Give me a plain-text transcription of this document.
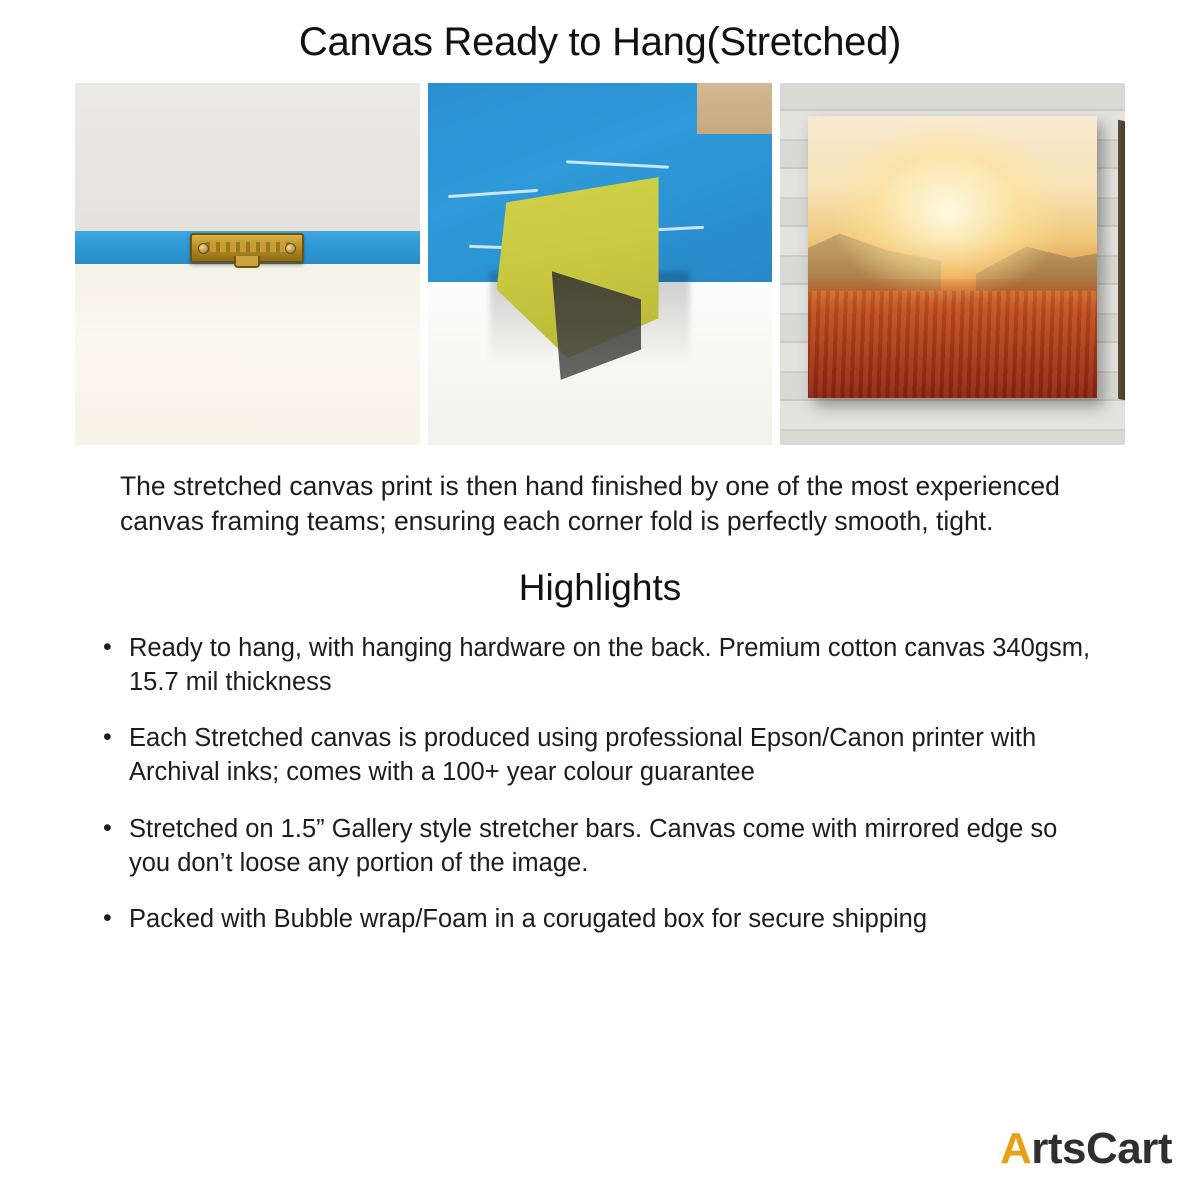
Canvas Ready to Hang(Stretched)

The stretched canvas print is then hand finished by one of the most experienced canvas framing teams; ensuring each corner fold is perfectly smooth, tight.

Highlights
• Ready to hang, with hanging hardware on the back. Premium cotton canvas 340gsm, 15.7 mil thickness
• Each Stretched canvas is produced using professional Epson/Canon printer with Archival inks; comes with a 100+ year colour guarantee
• Stretched on 1.5” Gallery style stretcher bars. Canvas come with mirrored edge so you don’t loose any portion of the image.
• Packed with Bubble wrap/Foam in a corugated box for secure shipping
A rts Cart
